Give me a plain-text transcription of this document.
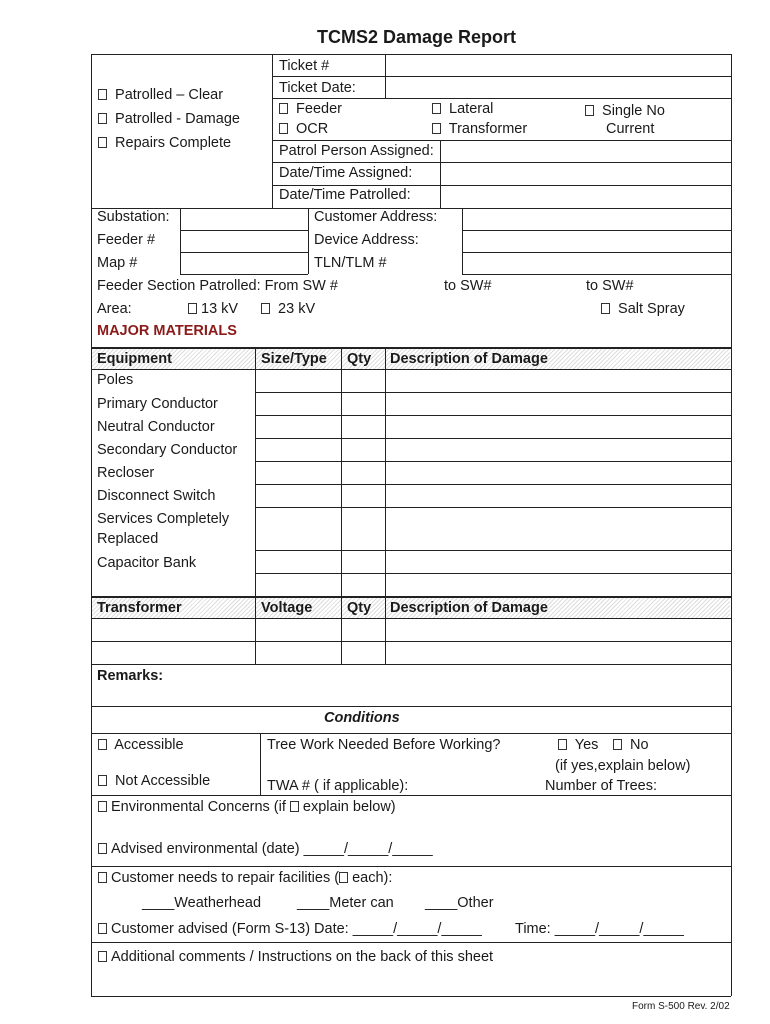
TCMS2 Damage Report
Patrolled – Clear
Patrolled - Damage
Repairs Complete
Ticket #
Ticket Date:
Feeder
OCR
Lateral
Transformer
Single No
Current
Patrol Person Assigned:
Date/Time Assigned:
Date/Time Patrolled:
Substation:
Feeder #
Map #
Customer Address:
Device Address:
TLN/TLM #
Feeder Section Patrolled: From SW #	to SW#	to SW#
Area:	13 kV	23 kV	Salt Spray
MAJOR MATERIALS
Equipment	Size/Type Qty Description of Damage
Poles
Primary Conductor
Neutral Conductor
Secondary Conductor
Recloser
Disconnect Switch
Services Completely
Replaced
Capacitor Bank
Transformer	Voltage Qty Description of Damage
Remarks:
Conditions
Accessible
Not Accessible
Tree Work Needed Before Working?	Yes	No
(if yes,explain below)
TWA # ( if applicable):	Number of Trees:
Environmental Concerns (if explain below)
Advised environmental (date) _____/_____/_____
Customer needs to repair facilities ( each):
____Weatherhead ____Meter can ____Other
Customer advised (Form S-13) Date: _____/_____/_____ Time: _____/_____/_____
Additional comments / Instructions on the back of this sheet
Form S-500 Rev. 2/02
